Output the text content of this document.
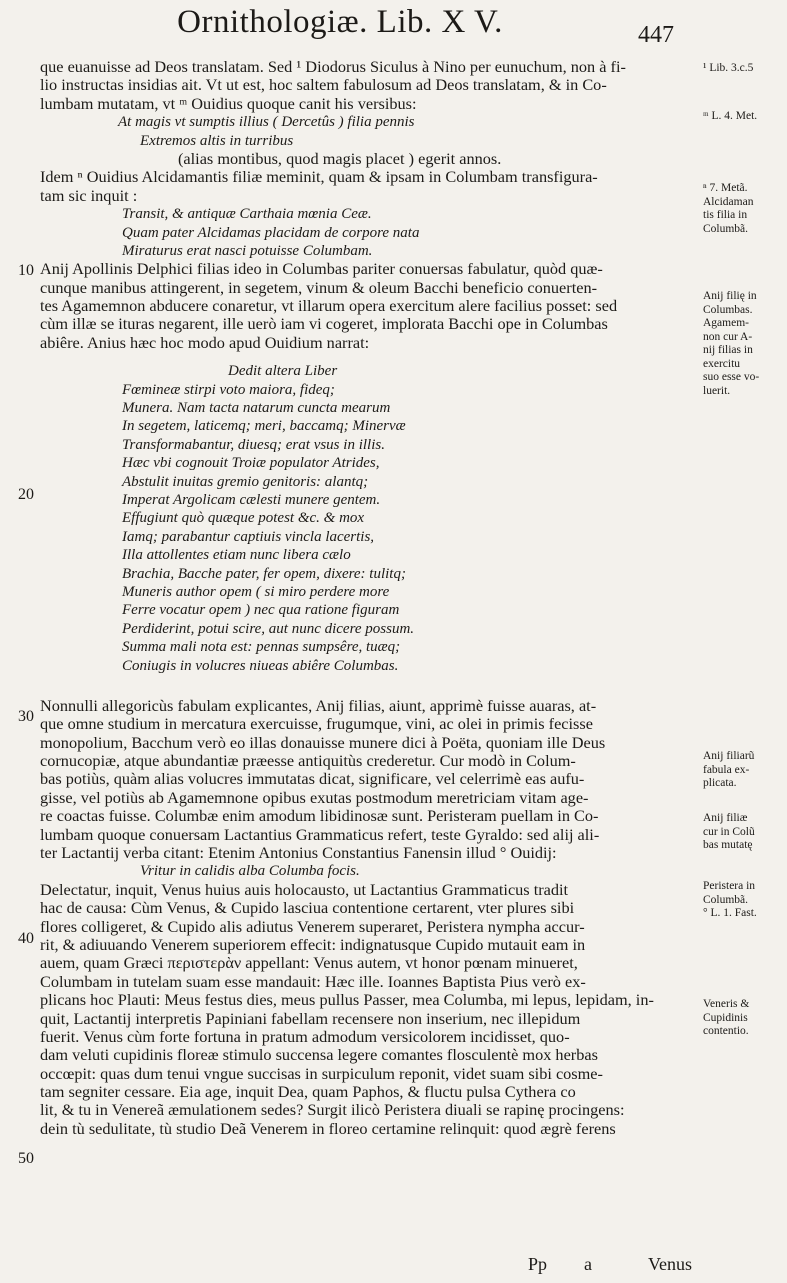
Ornithologiæ. Lib. X V.	447
que euanuisse ad Deos translatam. Sed ¹ Diodorus Siculus à Nino per eunuchum, non à fi-
lio instructas insidias ait. Vt ut est, hoc saltem fabulosum ad Deos translatam, & in Co-
lumbam mutatam, vt ᵐ Ouidius quoque canit his versibus:
At magis vt sumptis illius ( Dercetûs ) filia pennis
Extremos altis in turribus
(alias montibus, quod magis placet ) egerit annos.
Idem ⁿ Ouidius Alcidamantis filiæ meminit, quam & ipsam in Columbam transfigura-
tam sic inquit :
Transit, & antiquæ Carthaia mœnia Ceæ.
Quam pater Alcidamas placidam de corpore nata
Miraturus erat nasci potuisse Columbam.
Anij Apollinis Delphici filias ideo in Columbas pariter conuersas fabulatur, quòd quæ-
cunque manibus attingerent, in segetem, vinum & oleum Bacchi beneficio conuerten-
tes Agamemnon abducere conaretur, vt illarum opera exercitum alere facilius posset: sed
cùm illæ se ituras negarent, ille uerò iam vi cogeret, implorata Bacchi ope in Columbas
abiêre. Anius hæc hoc modo apud Ouidium narrat:
Dedit altera Liber
Fœmineæ stirpi voto maiora, fideq;
Munera. Nam tacta natarum cuncta mearum
In segetem, laticemq; meri, baccamq; Minervæ
Transformabantur, diuesq; erat vsus in illis.
Hæc vbi cognouit Troiæ populator Atrides,
Abstulit inuitas gremio genitoris: alantq;
Imperat Argolicam cælesti munere gentem.
Effugiunt quò quæque potest &c. & mox
Iamq; parabantur captiuis vincla lacertis,
Illa attollentes etiam nunc libera cælo
Brachia, Bacche pater, fer opem, dixere: tulitq;
Muneris author opem ( si miro perdere more
Ferre vocatur opem ) nec qua ratione figuram
Perdiderint, potui scire, aut nunc dicere possum.
Summa mali nota est: pennas sumpsêre, tuæq;
Coniugis in volucres niueas abiêre Columbas.
Nonnulli allegoricùs fabulam explicantes, Anij filias, aiunt, apprimè fuisse auaras, at-
que omne studium in mercatura exercuisse, frugumque, vini, ac olei in primis fecisse
monopolium, Bacchum verò eo illas donauisse munere dici à Poëta, quoniam ille Deus
cornucopiæ, atque abundantiæ præesse antiquitùs crederetur. Cur modò in Colum-
bas potiùs, quàm alias volucres immutatas dicat, significare, vel celerrimè eas aufu-
gisse, vel potiùs ab Agamemnone opibus exutas postmodum meretriciam vitam age-
re coactas fuisse. Columbæ enim amodum libidinosæ sunt. Peristeram puellam in Co-
lumbam quoque conuersam Lactantius Grammaticus refert, teste Gyraldo: sed alij ali-
ter Lactantij verba citant: Etenim Antonius Constantius Fanensin illud ° Ouidij:
Vritur in calidis alba Columba focis.
Delectatur, inquit, Venus huius auis holocausto, ut Lactantius Grammaticus tradit
hac de causa: Cùm Venus, & Cupido lasciua contentione certarent, vter plures sibi
flores colligeret, & Cupido alis adiutus Venerem superaret, Peristera nympha accur-
rit, & adiuuando Venerem superiorem effecit: indignatusque Cupido mutauit eam in
auem, quam Græci περιστερὰν appellant: Venus autem, vt honor pœnam minueret,
Columbam in tutelam suam esse mandauit: Hæc ille. Ioannes Baptista Pius verò ex-
plicans hoc Plauti: Meus festus dies, meus pullus Passer, mea Columba, mi lepus, lepidam, in-
quit, Lactantij interpretis Papiniani fabellam recensere non inserium, nec illepidum
fuerit. Venus cùm forte fortuna in pratum admodum versicolorem incidisset, quo-
dam veluti cupidinis floreæ stimulo succensa legere comantes flosculentè mox herbas
occœpit: quas dum tenui vngue succisas in surpiculum reponit, videt suam sibi cosme-
tam segniter cessare. Eia age, inquit Dea, quam Paphos, & fluctu pulsa Cythera co
lit, & tu in Venereã æmulationem sedes? Surgit ilicò Peristera diuali se rapinę procingens:
dein tù sedulitate, tù studio Deã Venerem in floreo certamine relinquit: quod ægrè ferens
¹ Lib. 3.c.5
ᵐ L. 4. Met.
ⁿ 7. Metã.
Alcidaman
tis filia in
Columbã.
Anij filię in
Columbas.
Agamem-
non cur A-
nij filias in
exercitu
suo esse vo-
luerit.
Anij filiarũ
fabula ex-
plicata.
Anij filiæ
cur in Colũ
bas mutatę
Peristera in
Columbã.
° L. 1. Fast.
Veneris &
Cupidinis
contentio.
10
20
30
40
50
Pp a	Venus
